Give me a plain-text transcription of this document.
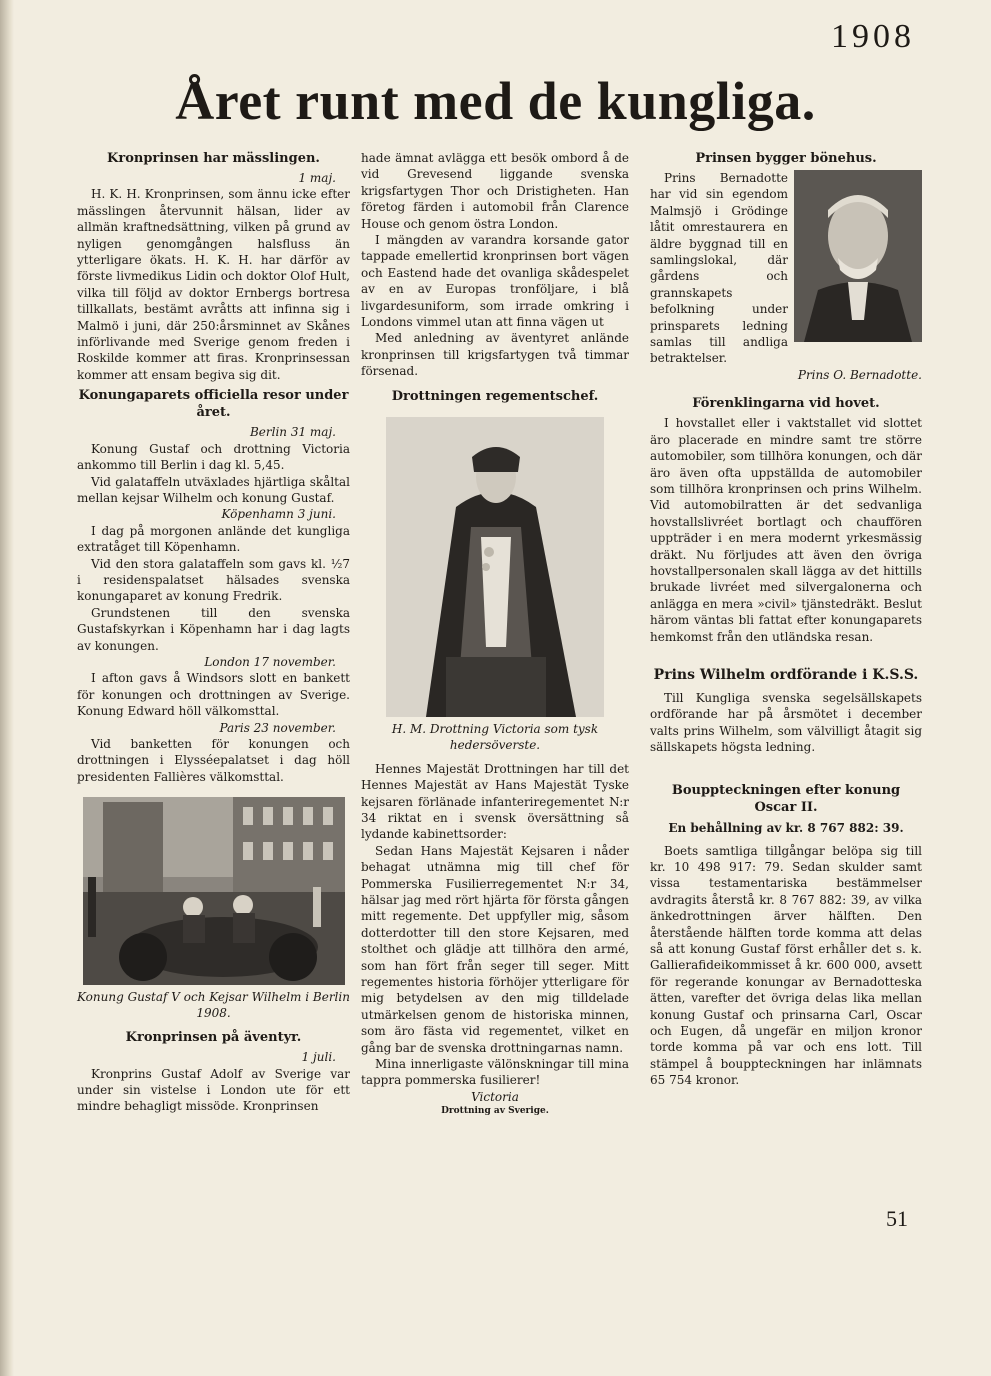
1908
Året runt med de kungliga.
Kronprinsen har mässlingen.
1 maj.

H. K. H. Kronprinsen, som ännu icke efter mässlingen återvunnit hälsan, lider av allmän kraftnedsättning, vilken på grund av nyligen genomgången halsfluss än ytterligare ökats. H. K. H. har därför av förste livmedikus Lidin och doktor Olof Hult, vilka till följd av doktor Ernbergs bortresa tillkallats, bestämt avråtts att infinna sig i Malmö i juni, där 250:årsminnet av Skånes införlivande med Sverige genom freden i Roskilde kommer att firas. Kronprinsessan kommer att ensam begiva sig dit.

Konungaparets officiella resor under året.
Berlin 31 maj.

Konung Gustaf och drottning Victoria ankommo till Berlin i dag kl. 5,45.

Vid galataffeln utväxlades hjärtliga skåltal mellan kejsar Wilhelm och konung Gustaf.

Köpenhamn 3 juni.

I dag på morgonen anlände det kungliga extratåget till Köpenhamn.

Vid den stora galataffeln som gavs kl. ½7 i residenspalatset hälsades svenska konungaparet av konung Fredrik.

Grundstenen till den svenska Gustafskyrkan i Köpenhamn har i dag lagts av konungen.

London 17 november.

I afton gavs å Windsors slott en bankett för konungen och drottningen av Sverige. Konung Edward höll välkomsttal.

Paris 23 november.

Vid banketten för konungen och drottningen i Elysséepalatset i dag höll presidenten Fallières välkomsttal.

Konung Gustaf V och Kejsar Wilhelm i Berlin 1908.
Kronprinsen på äventyr.
1 juli.

Kronprins Gustaf Adolf av Sverige var under sin vistelse i London ute för ett mindre behagligt missöde. Kronprinsen

hade ämnat avlägga ett besök ombord å de vid Grevesend liggande svenska krigsfartygen Thor och Dristigheten. Han företog färden i automobil från Clarence House och genom östra London.

I mängden av varandra korsande gator tappade emellertid kronprinsen bort vägen och Eastend hade det ovanliga skådespelet av en av Europas tronföljare, i blå livgardesuniform, som irrade omkring i Londons vimmel utan att finna vägen ut

Med anledning av äventyret anlände kronprinsen till krigsfartygen två timmar försenad.

Drottningen regementschef.
H. M. Drottning Victoria som tysk hedersöverste.

Hennes Majestät Drottningen har till det Hennes Majestät av Hans Majestät Tyske kejsaren förlänade infanteriregementet N:r 34 riktat en i svensk översättning så lydande kabinettsorder:

Sedan Hans Majestät Kejsaren i nåder behagat utnämna mig till chef för Pommerska Fusilierregementet N:r 34, hälsar jag med rört hjärta för första gången mitt regemente. Det uppfyller mig, såsom dotterdotter till den store Kejsaren, med stolthet och glädje att tillhöra den armé, som han fört från seger till seger. Mitt regementes historia förhöjer ytterligare för mig betydelsen av den mig tilldelade utmärkelsen genom de historiska minnen, som äro fästa vid regementet, vilket en gång bar de svenska drottningarnas namn.

Mina innerligaste välönskningar till mina tappra pommerska fusilierer!

Victoria
Drottning av Sverige.
Prinsen bygger bönehus.

Prins Bernadotte har vid sin egendom Malmsjö i Grödinge låtit omrestaurera en äldre byggnad till en samlingslokal, där gårdens och grannskapets befolkning under prinsparets ledning samlas till andliga betraktelser.

Prins O. Bernadotte.
Förenklingarna vid hovet.

I hovstallet eller i vaktstallet vid slottet äro placerade en mindre samt tre större automobiler, som tillhöra konungen, och där äro även ofta uppställda de automobiler som tillhöra kronprinsen och prins Wilhelm. Vid automobilratten är det sedvanliga hovstallslivréet bortlagt och chauffören uppträder i en mera modernt yrkesmässig dräkt. Nu förljudes att även den övriga hovstallpersonalen skall lägga av det hittills brukade livréet med silvergalonerna och anlägga en mera »civil» tjänstedräkt. Beslut härom väntas bli fattat efter konungaparets hemkomst från den utländska resan.

Prins Wilhelm ordförande i K.S.S.

Till Kungliga svenska segelsällskapets ordförande har på årsmötet i december valts prins Wilhelm, som välvilligt åtagit sig sällskapets högsta ledning.

Bouppteckningen efter konung Oscar II.
En behållning av kr. 8 767 882: 39.

Boets samtliga tillgångar belöpa sig till kr. 10 498 917: 79. Sedan skulder samt vissa testamentariska bestämmelser avdragits återstå kr. 8 767 882: 39, av vilka änkedrottningen ärver hälften. Den återstående hälften torde komma att delas så att konung Gustaf först erhåller det s. k. Gallierafideikommisset å kr. 600 000, avsett för regerande konungar av Bernadotteska ätten, varefter det övriga delas lika mellan konung Gustaf och prinsarna Carl, Oscar och Eugen, då ungefär en miljon kronor torde komma på var och ens lott. Till stämpel å bouppteckningen har inlämnats 65 754 kronor.

51
